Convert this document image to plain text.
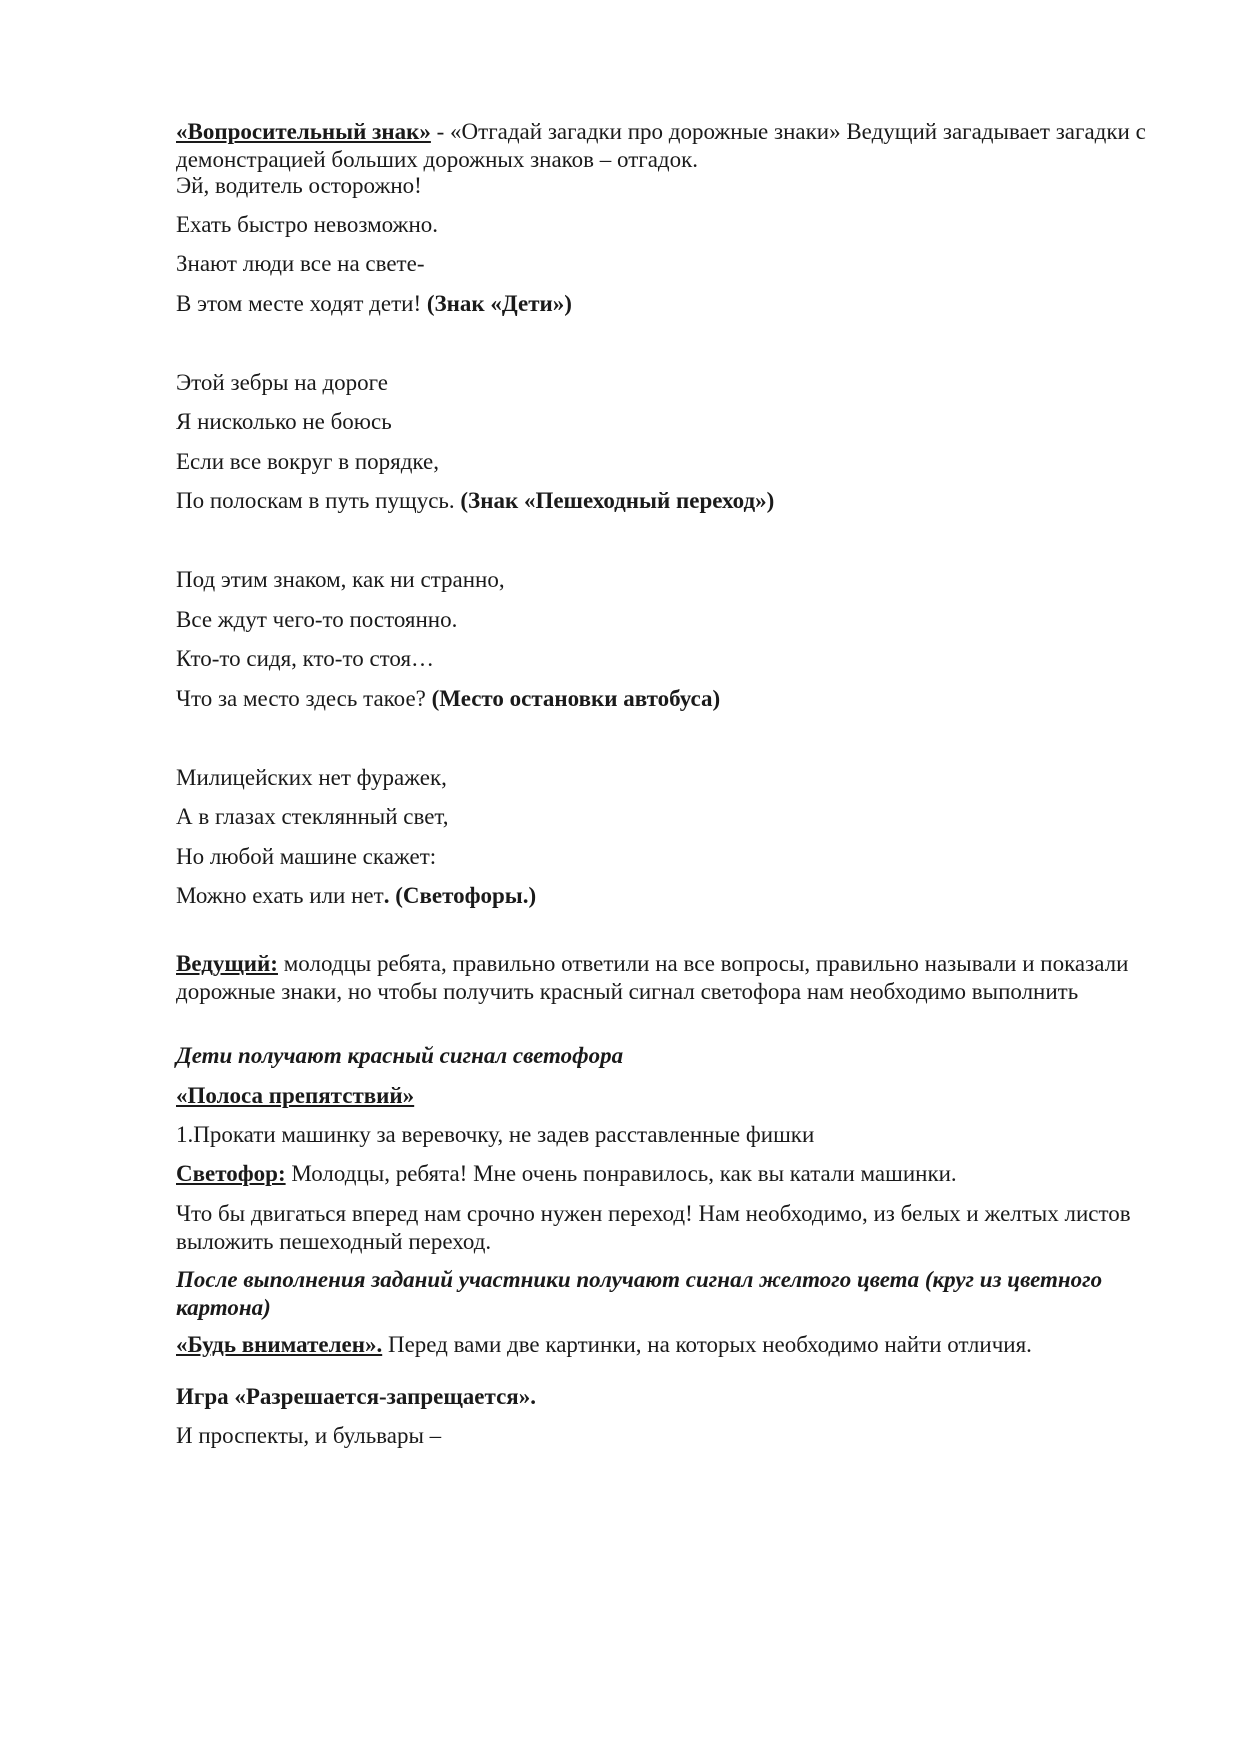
«Вопросительный знак» - «Отгадай загадки про дорожные знаки» Ведущий загадывает загадки с демонстрацией больших дорожных знаков – отгадок.

Эй, водитель осторожно!

Ехать быстро невозможно.

Знают люди все на свете-

В этом месте ходят дети! (Знак «Дети»)

Этой зебры на дороге

Я нисколько не боюсь

Если все вокруг в порядке,

По полоскам в путь пущусь. (Знак «Пешеходный переход»)

Под этим знаком, как ни странно,

Все ждут чего-то постоянно.

Кто-то сидя, кто-то стоя…

Что за место здесь такое? (Место остановки автобуса)

Милицейских нет фуражек,

А в глазах стеклянный свет,

Но любой машине скажет:

Можно ехать или нет. (Светофоры.)

Ведущий: молодцы ребята, правильно ответили на все вопросы, правильно называли и показали дорожные знаки, но чтобы получить красный сигнал светофора нам необходимо выполнить

Дети получают красный сигнал светофора

«Полоса препятствий»

1.Прокати машинку за веревочку, не задев расставленные фишки

Светофор: Молодцы, ребята! Мне очень понравилось, как вы катали машинки.

Что бы двигаться вперед нам срочно нужен переход! Нам необходимо, из белых и желтых листов выложить пешеходный переход.

После выполнения заданий участники получают сигнал желтого цвета (круг из цветного картона)

«Будь внимателен». Перед вами две картинки, на которых необходимо найти отличия.

Игра «Разрешается-запрещается».

И проспекты, и бульвары –
